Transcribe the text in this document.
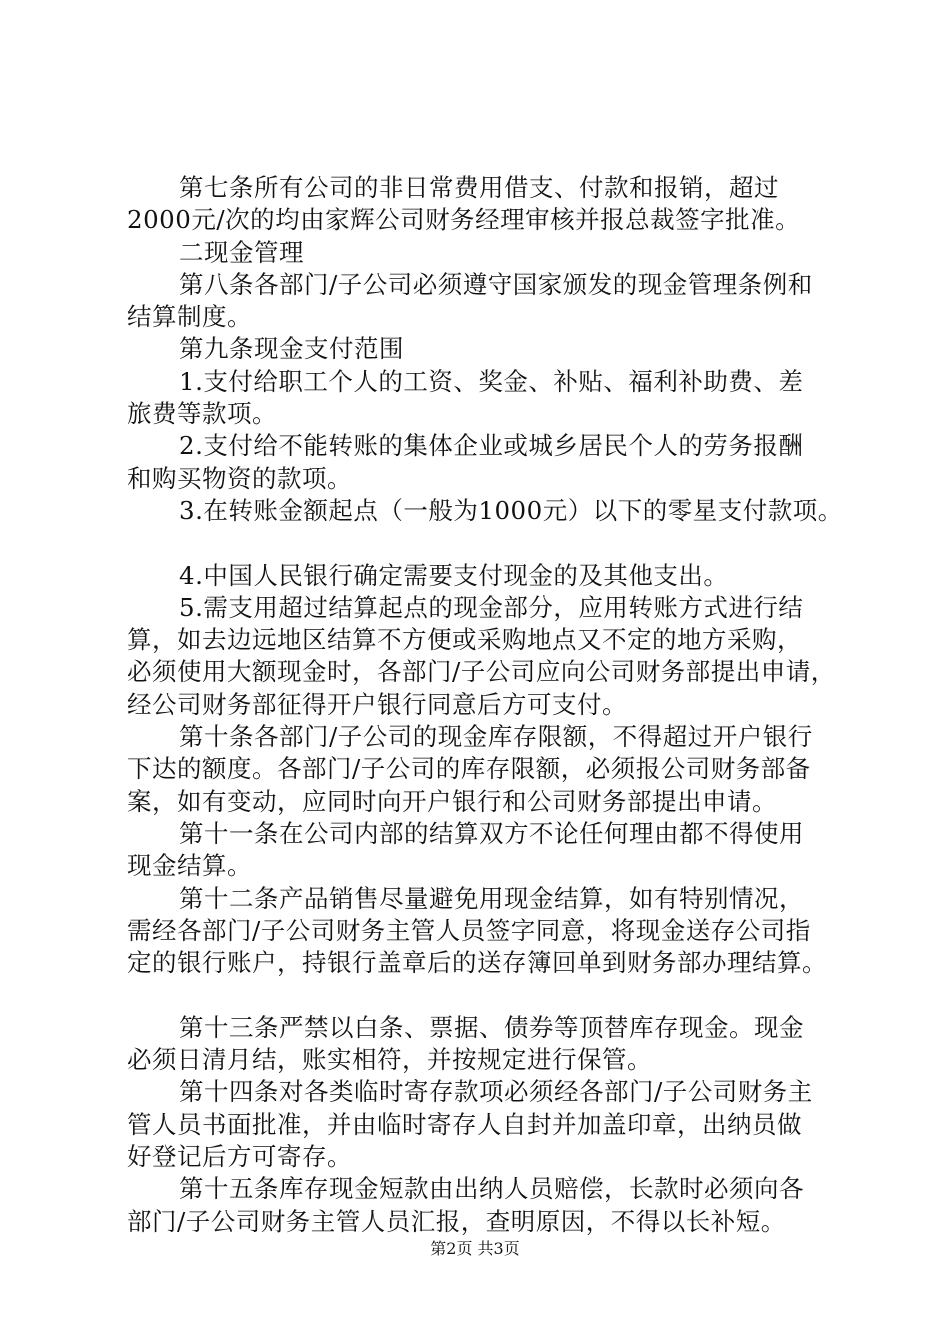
第七条所有公司的非日常费用借支、付款和报销，超过
2000元/次的均由家辉公司财务经理审核并报总裁签字批准。
二现金管理
第八条各部门/子公司必须遵守国家颁发的现金管理条例和
结算制度。
第九条现金支付范围
1.支付给职工个人的工资、奖金、补贴、福利补助费、差
旅费等款项。
2.支付给不能转账的集体企业或城乡居民个人的劳务报酬
和购买物资的款项。
3.在转账金额起点（一般为1000元）以下的零星支付款项。
4.中国人民银行确定需要支付现金的及其他支出。
5.需支用超过结算起点的现金部分，应用转账方式进行结
算，如去边远地区结算不方便或采购地点又不定的地方采购，
必须使用大额现金时，各部门/子公司应向公司财务部提出申请，
经公司财务部征得开户银行同意后方可支付。
第十条各部门/子公司的现金库存限额，不得超过开户银行
下达的额度。各部门/子公司的库存限额，必须报公司财务部备
案，如有变动，应同时向开户银行和公司财务部提出申请。
第十一条在公司内部的结算双方不论任何理由都不得使用
现金结算。
第十二条产品销售尽量避免用现金结算，如有特别情况，
需经各部门/子公司财务主管人员签字同意，将现金送存公司指
定的银行账户，持银行盖章后的送存簿回单到财务部办理结算。
第十三条严禁以白条、票据、债券等顶替库存现金。现金
必须日清月结，账实相符，并按规定进行保管。
第十四条对各类临时寄存款项必须经各部门/子公司财务主
管人员书面批准，并由临时寄存人自封并加盖印章，出纳员做
好登记后方可寄存。
第十五条库存现金短款由出纳人员赔偿，长款时必须向各
部门/子公司财务主管人员汇报，查明原因，不得以长补短。
第2页 共3页
